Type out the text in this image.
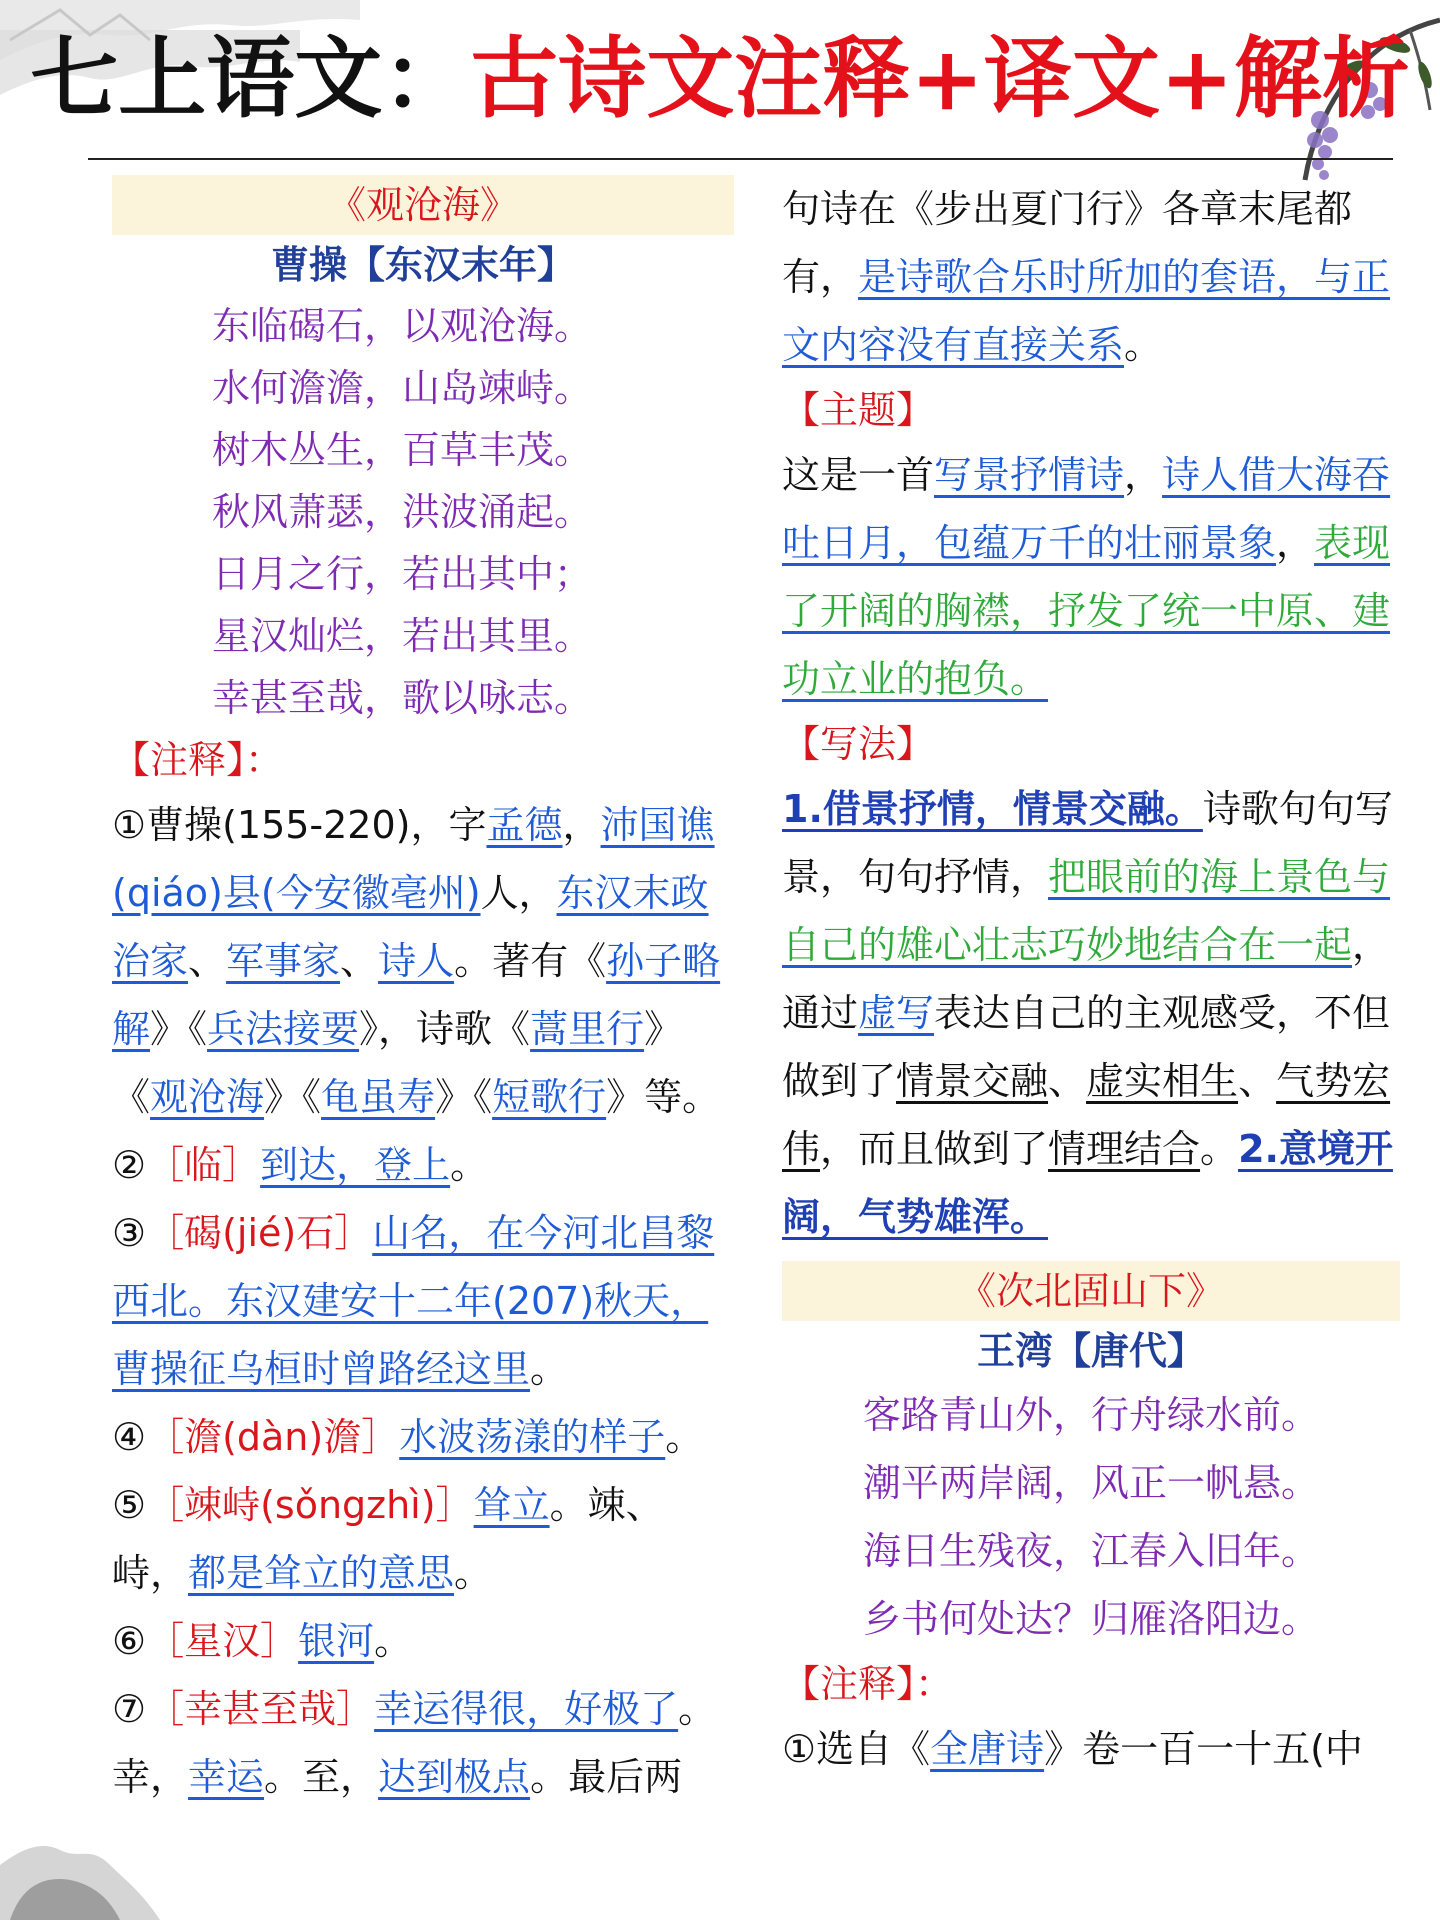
七上语文：古诗文注释+译文+解析
《观沧海》
曹操【东汉末年】
东临碣石，以观沧海。
水何澹澹，山岛竦峙。
树木丛生，百草丰茂。
秋风萧瑟，洪波涌起。
日月之行，若出其中；
星汉灿烂，若出其里。
幸甚至哉，歌以咏志。
【注释】：

①曹操(155-220)，字孟德，沛国谯(qiáo)县(今安徽亳州)人，东汉末政治家、军事家、诗人。著有《孙子略解》《兵法接要》，诗歌《蒿里行》《观沧海》《龟虽寿》《短歌行》等。

②［临］到达，登上。

③［碣(jié)石］山名，在今河北昌黎西北。东汉建安十二年(207)秋天，曹操征乌桓时曾路经这里。

④［澹(dàn)澹］水波荡漾的样子。

⑤［竦峙(sǒngzhì)］耸立。竦、峙，都是耸立的意思。

⑥［星汉］银河。

⑦［幸甚至哉］幸运得很，好极了。幸，幸运。至，达到极点。最后两

句诗在《步出夏门行》各章末尾都有，是诗歌合乐时所加的套语，与正文内容没有直接关系。

【主题】

这是一首写景抒情诗，诗人借大海吞吐日月，包蕴万千的壮丽景象，表现了开阔的胸襟，抒发了统一中原、建功立业的抱负。

【写法】

1.借景抒情，情景交融。诗歌句句写景，句句抒情，把眼前的海上景色与自己的雄心壮志巧妙地结合在一起，通过虚写表达自己的主观感受，不但做到了情景交融、虚实相生、气势宏伟，而且做到了情理结合。2.意境开阔，气势雄浑。

《次北固山下》
王湾【唐代】
客路青山外，行舟绿水前。
潮平两岸阔，风正一帆悬。
海日生残夜，江春入旧年。
乡书何处达？归雁洛阳边。
【注释】：

①选自《全唐诗》卷一百一十五(中
